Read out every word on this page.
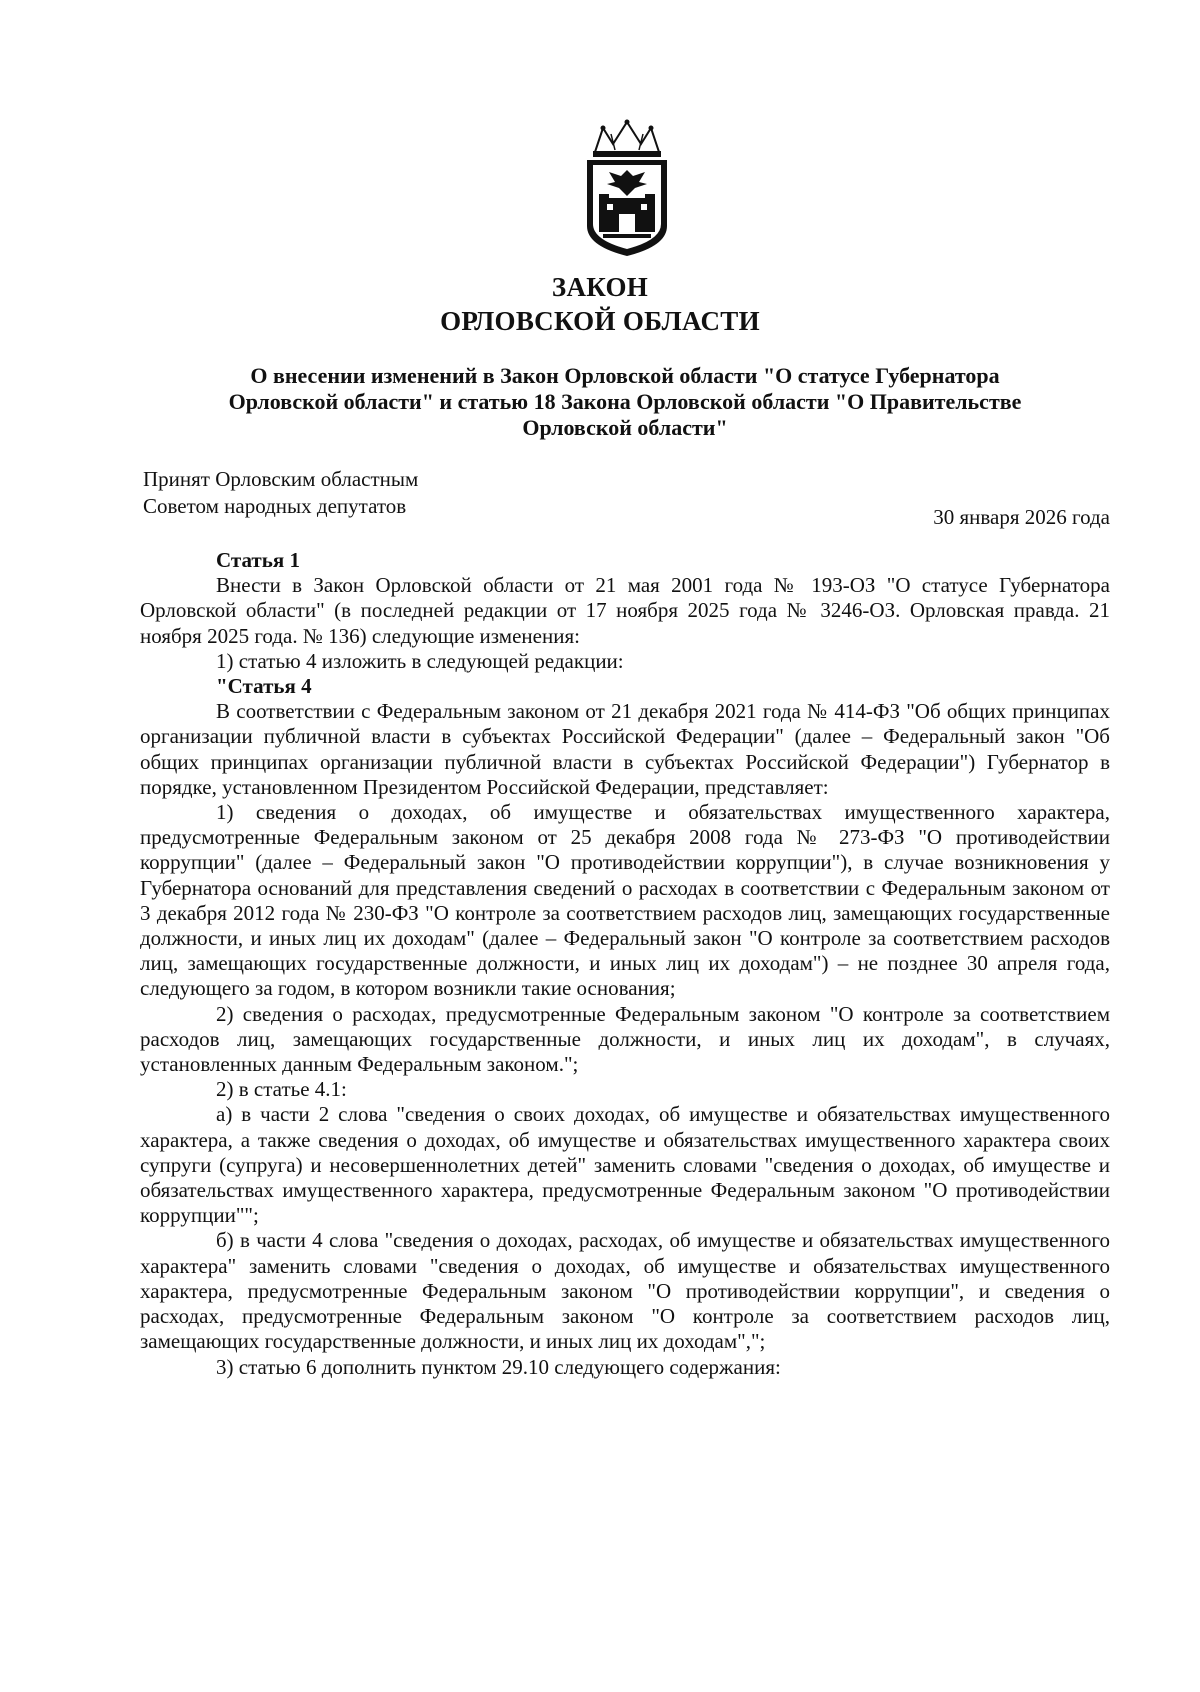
ЗАКОН
ОРЛОВСКОЙ ОБЛАСТИ
О внесении изменений в Закон Орловской области "О статусе Губернатора
Орловской области" и статью 18 Закона Орловской области "О Правительстве
Орловской области"
Принят Орловским областным
Советом народных депутатов	30 января 2026 года

Статья 1

Внести в Закон Орловской области от 21 мая 2001 года № 193-ОЗ "О статусе Губернатора Орловской области" (в последней редакции от 17 ноября 2025 года № 3246-ОЗ. Орловская правда. 21 ноября 2025 года. № 136) следующие изменения:

1) статью 4 изложить в следующей редакции:

"Статья 4

В соответствии с Федеральным законом от 21 декабря 2021 года № 414-ФЗ "Об общих принципах организации публичной власти в субъектах Российской Федерации" (далее – Федеральный закон "Об общих принципах организации публичной власти в субъектах Российской Федерации") Губернатор в порядке, установленном Президентом Российской Федерации, представляет:

1) сведения о доходах, об имуществе и обязательствах имущественного характера, предусмотренные Федеральным законом от 25 декабря 2008 года № 273-ФЗ "О противодействии коррупции" (далее – Федеральный закон "О противодействии коррупции"), в случае возникновения у Губернатора оснований для представления сведений о расходах в соответствии с Федеральным законом от 3 декабря 2012 года № 230-ФЗ "О контроле за соответствием расходов лиц, замещающих государственные должности, и иных лиц их доходам" (далее – Федеральный закон "О контроле за соответствием расходов лиц, замещающих государственные должности, и иных лиц их доходам") – не позднее 30 апреля года, следующего за годом, в котором возникли такие основания;

2) сведения о расходах, предусмотренные Федеральным законом "О контроле за соответствием расходов лиц, замещающих государственные должности, и иных лиц их доходам", в случаях, установленных данным Федеральным законом.";

2) в статье 4.1:

а) в части 2 слова "сведения о своих доходах, об имуществе и обязательствах имущественного характера, а также сведения о доходах, об имуществе и обязательствах имущественного характера своих супруги (супруга) и несовершеннолетних детей" заменить словами "сведения о доходах, об имуществе и обязательствах имущественного характера, предусмотренные Федеральным законом "О противодействии коррупции"";

б) в части 4 слова "сведения о доходах, расходах, об имуществе и обязательствах имущественного характера" заменить словами "сведения о доходах, об имуществе и обязательствах имущественного характера, предусмотренные Федеральным законом "О противодействии коррупции", и сведения о расходах, предусмотренные Федеральным законом "О контроле за соответствием расходов лиц, замещающих государственные должности, и иных лиц их доходам",";

3) статью 6 дополнить пунктом 29.10 следующего содержания:
